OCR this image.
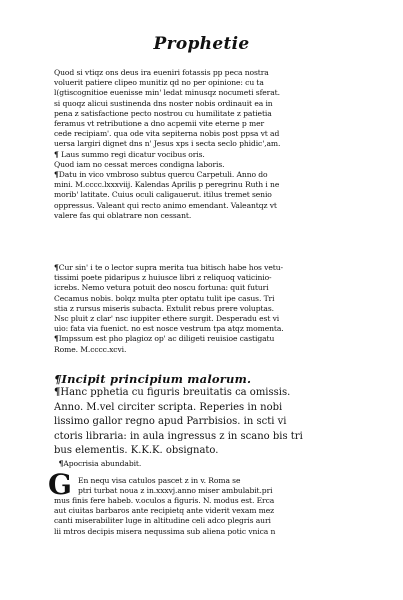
Prophetie
Quod si vtiqz ons deus ira eueniri fotassis pp peca nostra
voluerit patiere clipeo munitiz qd no per opinione: cu ta
l(gtiscognitioe euenisse min' ledat minusqz nocumeti sferat.
si quoqz alicui sustinenda dns noster nobis ordinauit ea in
pena z satisfactione pecto nostrou cu humilitate z patietia
feramus vt retributione a dno acpemii vite eterne p mer
cede recipiam'. qua ode vita sepiterna nobis post ppsa vt ad
uersa largiri dignet dns n' Jesus xps i secta seclo phidic',am.
¶ Laus summo regi dicatur vocibus oris.
Quod iam no cessat merces condigna laboris.
¶Datu in vico vmbroso subtus quercu Carpetuli. Anno do
mini. M.cccc.lxxxviij. Kalendas Aprilis p peregrinu Ruth i ne
morib' latitate. Cuius oculi caligauerut. itilus tremet senio
oppressus. Valeant qui recto animo emendant. Valeantqz vt
valere fas qui oblatrare non cessant.
¶Cur sin' i te o lector supra merita tua bitisch habe hos vetu-
tissimi poete pidaripus z huiusce libri z reliquoq vaticinio-
icrebs. Nemo vetura potuit deo noscu fortuna: quit futuri
Cecamus nobis. bolqz multa pter optatu tulit ipe casus. Tri
stia z rursus miseris subacta. Extulit rebus prere voluptas.
Nsc pluit z clar' nsc iuppiter ethere surgit. Desperadu est vi
uio: fata via fuenict. no est nosce vestrum tpa atqz momenta.
¶Impssum est pho plagioz op' ac diligeti reuisioe castigatu
Rome. M.cccc.xcvi.
¶Incipit principium malorum.
¶Hanc pphetia cu figuris breuitatis ca omissis.
Anno. M.vel circiter scripta. Reperies in nobi
lissimo gallor regno apud Parrbisios. in scti vi
ctoris libraria: in aula ingressus z in scano bis tri
bus elementis. K.K.K. obsignato.
¶Apocrisia abundabit.
G En nequ visa catulos pascet z in v. Roma se
ptri turbat noua z in.xxxvj.anno miser ambulabit.pri
mus finis fere habeb. v.oculos a figuris. N. modus est. Erca
aut ciuitas barbaros ante recipietq ante viderit vexam mez
canti miserabiliter luge in altitudine celi adco plegris auri
lii mtros decipis misera nequssima sub aliena potic vnica n
